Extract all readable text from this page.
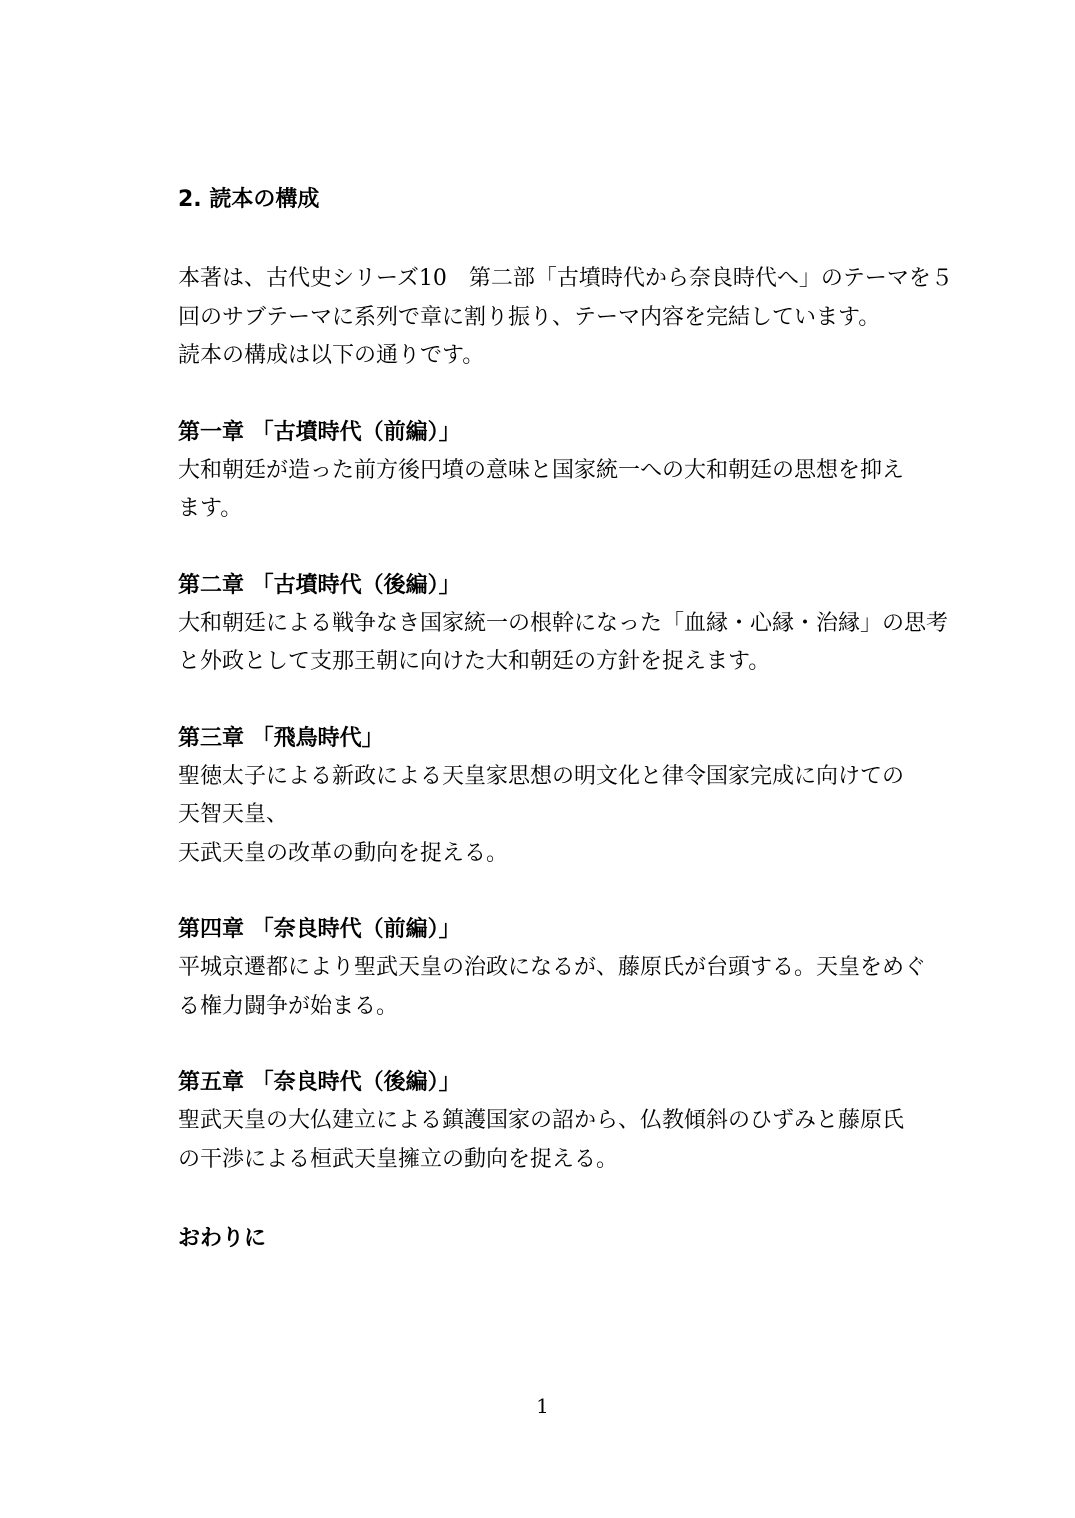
2. 読本の構成

本著は、古代史シリーズ10　第二部「古墳時代から奈良時代へ」のテーマを５

回のサブテーマに系列で章に割り振り、テーマ内容を完結しています。

読本の構成は以下の通りです。

第一章 「古墳時代（前編）」

大和朝廷が造った前方後円墳の意味と国家統一への大和朝廷の思想を抑え

ます。

第二章 「古墳時代（後編）」

大和朝廷による戦争なき国家統一の根幹になった「血縁・心縁・治縁」の思考

と外政として支那王朝に向けた大和朝廷の方針を捉えます。

第三章 「飛鳥時代」

聖徳太子による新政による天皇家思想の明文化と律令国家完成に向けての

天智天皇、

天武天皇の改革の動向を捉える。

第四章 「奈良時代（前編）」

平城京遷都により聖武天皇の治政になるが、藤原氏が台頭する。天皇をめぐ

る権力闘争が始まる。

第五章 「奈良時代（後編）」

聖武天皇の大仏建立による鎮護国家の詔から、仏教傾斜のひずみと藤原氏

の干渉による桓武天皇擁立の動向を捉える。

おわりに

1
